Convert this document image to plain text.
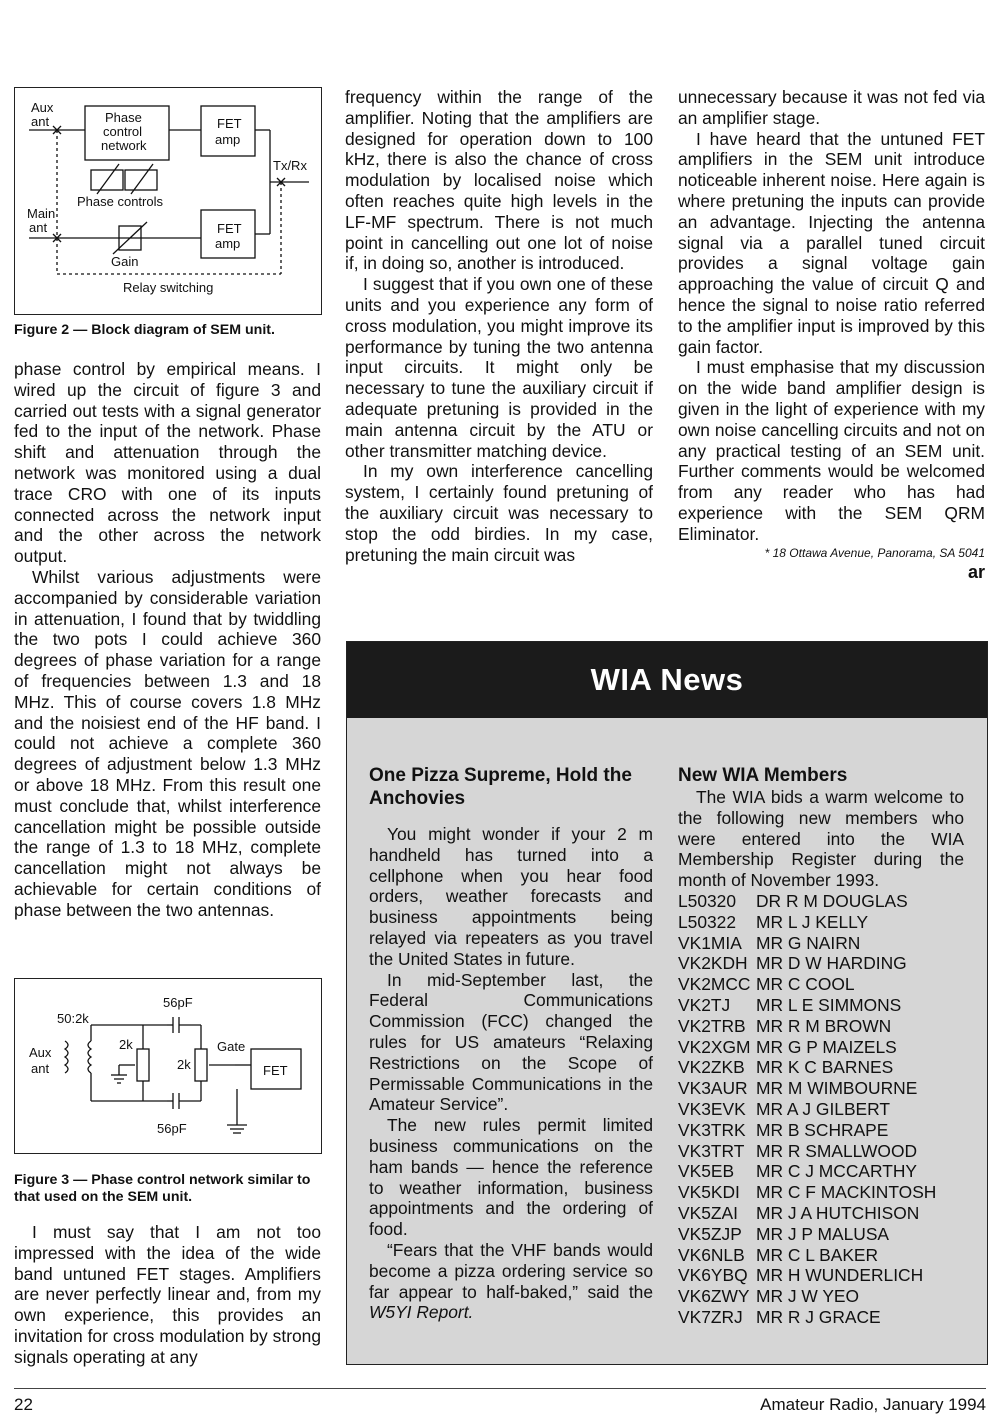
Aux
ant	Phase
control
network
FET
amp
Tx/Rx
Phase controls
Main
ant	FET
amp
Gain
Relay switching
Figure 2 — Block diagram of SEM unit.

phase control by empirical means. I wired up the circuit of figure 3 and carried out tests with a signal generator fed to the input of the network. Phase shift and attenuation through the network was monitored using a dual trace CRO with one of its inputs connected across the network input and the other across the network output.

Whilst various adjustments were accompanied by considerable variation in attenuation, I found that by twiddling the two pots I could achieve 360 degrees of phase variation for a range of frequencies between 1.3 and 18 MHz. This of course covers 1.8 MHz and the noisiest end of the HF band. I could not achieve a complete 360 degrees of adjustment below 1.3 MHz or above 18 MHz. From this result one must conclude that, whilst interference cancellation might be possible outside the range of 1.3 to 18 MHz, complete cancellation might not always be achievable for certain conditions of phase between the two antennas.

56pF
50:2k
Aux
ant
2k
2k
Gate
FET
56pF
Figure 3 — Phase control network similar to that used on the SEM unit.

I must say that I am not too impressed with the idea of the wide band untuned FET stages. Amplifiers are never perfectly linear and, from my own experience, this provides an invitation for cross modulation by strong signals operating at any

frequency within the range of the amplifier. Noting that the amplifiers are designed for operation down to 100 kHz, there is also the chance of cross modulation by localised noise which often reaches quite high levels in the LF-MF spectrum. There is not much point in cancelling out one lot of noise if, in doing so, another is introduced.

I suggest that if you own one of these units and you experience any form of cross modulation, you might improve its performance by tuning the two antenna input circuits. It might only be necessary to tune the auxiliary circuit if adequate pretuning is provided in the main antenna circuit by the ATU or other transmitter matching device.

In my own interference cancelling system, I certainly found pretuning of the auxiliary circuit was necessary to stop the odd birdies. In my case, pretuning the main circuit was

unnecessary because it was not fed via an amplifier stage.

I have heard that the untuned FET amplifiers in the SEM unit introduce noticeable inherent noise. Here again is where pretuning the inputs can provide an advantage. Injecting the antenna signal via a parallel tuned circuit provides a signal voltage gain approaching the value of circuit Q and hence the signal to noise ratio referred to the amplifier input is improved by this gain factor.

I must emphasise that my discussion on the wide band amplifier design is given in the light of experience with my own noise cancelling circuits and not on any practical testing of an SEM unit. Further comments would be welcomed from any reader who has had experience with the SEM QRM Eliminator.

* 18 Ottawa Avenue, Panorama, SA 5041
ar
WIA News
One Pizza Supreme, Hold the Anchovies

You might wonder if your 2 m handheld has turned into a cellphone when you hear food orders, weather forecasts and business appointments being relayed via repeaters as you travel the United States in future.

In mid-September last, the Federal Communications Commission (FCC) changed the rules for US amateurs “Relaxing Restrictions on the Scope of Permissable Communications in the Amateur Service”.

The new rules permit limited business communications on the ham bands — hence the reference to weather information, business appointments and the ordering of food.

“Fears that the VHF bands would become a pizza ordering service so far appear to half-baked,” said the W5YI Report.

New WIA Members

The WIA bids a warm welcome to the following new members who were entered into the WIA Membership Register during the month of November 1993.

L50320 DR R M DOUGLAS
L50322 MR L J KELLY
VK1MIA MR G NAIRN
VK2KDH MR D W HARDING
VK2MCC MR C COOL
VK2TJ MR L E SIMMONS
VK2TRB MR R M BROWN
VK2XGM MR G P MAIZELS
VK2ZKB MR K C BARNES
VK3AUR MR M WIMBOURNE
VK3EVK MR A J GILBERT
VK3TRK MR B SCHRAPE
VK3TRT MR R SMALLWOOD
VK5EB MR C J MCCARTHY
VK5KDI MR C F MACKINTOSH
VK5ZAI MR J A HUTCHISON
VK5ZJP MR J P MALUSA
VK6NLB MR C L BAKER
VK6YBQ MR H WUNDERLICH
VK6ZWY MR J W YEO
VK7ZRJ MR R J GRACE
22	Amateur Radio, January 1994
